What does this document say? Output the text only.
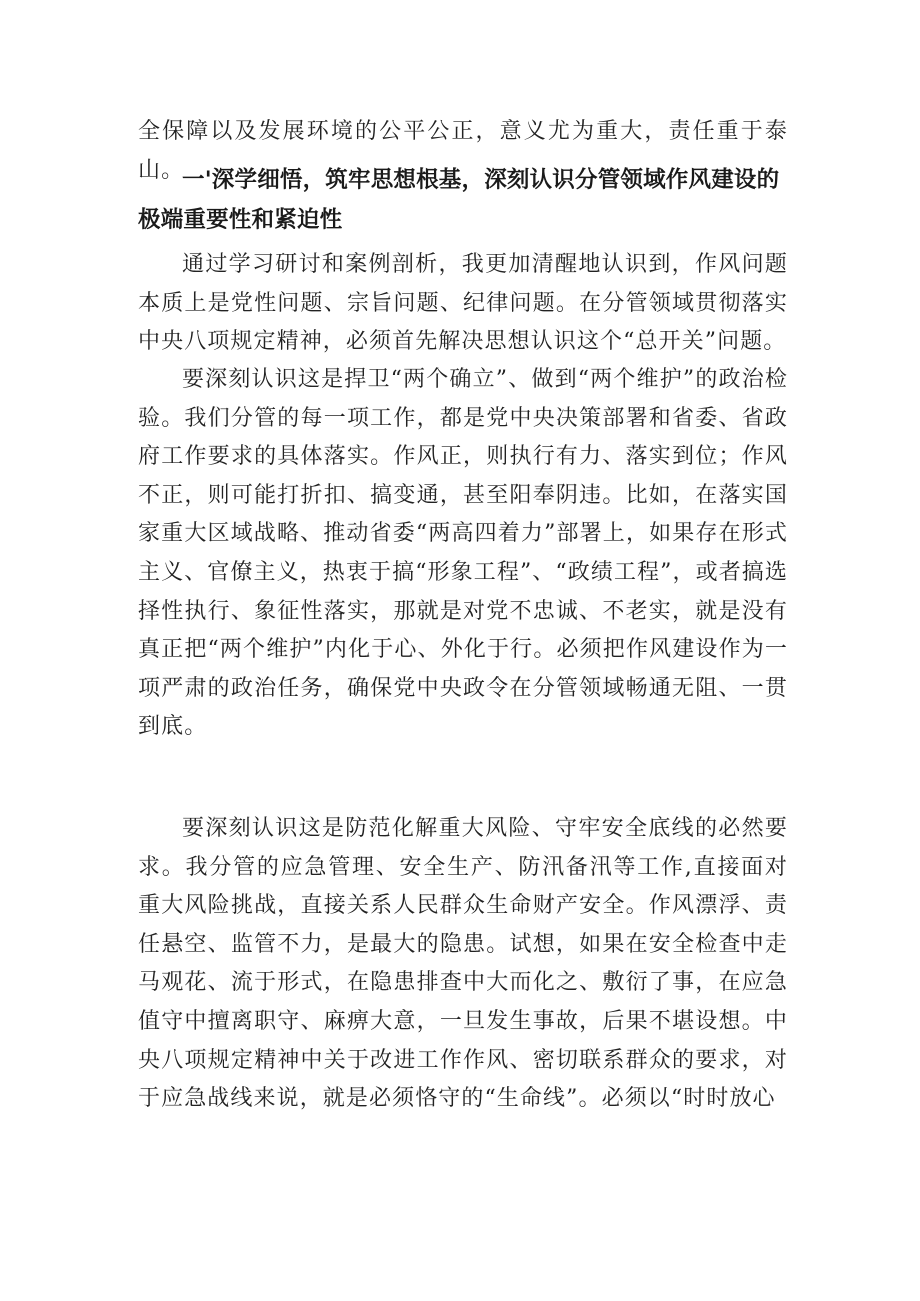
全保障以及发展环境的公平公正，意义尤为重大，责任重于泰山。

一'深学细悟，筑牢思想根基，深刻认识分管领域作风建设的极端重要性和紧迫性

通过学习研讨和案例剖析，我更加清醒地认识到，作风问题本质上是党性问题、宗旨问题、纪律问题。在分管领域贯彻落实中央八项规定精神，必须首先解决思想认识这个“总开关”问题。

要深刻认识这是捍卫“两个确立”、做到“两个维护”的政治检验。我们分管的每一项工作，都是党中央决策部署和省委、省政府工作要求的具体落实。作风正，则执行有力、落实到位；作风不正，则可能打折扣、搞变通，甚至阳奉阴违。比如，在落实国家重大区域战略、推动省委“两高四着力”部署上，如果存在形式主义、官僚主义，热衷于搞“形象工程”、“政绩工程”，或者搞选择性执行、象征性落实，那就是对党不忠诚、不老实，就是没有真正把“两个维护”内化于心、外化于行。必须把作风建设作为一项严肃的政治任务，确保党中央政令在分管领域畅通无阻、一贯到底。

要深刻认识这是防范化解重大风险、守牢安全底线的必然要求。我分管的应急管理、安全生产、防汛备汛等工作,直接面对重大风险挑战，直接关系人民群众生命财产安全。作风漂浮、责任悬空、监管不力，是最大的隐患。试想，如果在安全检查中走马观花、流于形式，在隐患排查中大而化之、敷衍了事，在应急值守中擅离职守、麻痹大意，一旦发生事故，后果不堪设想。中央八项规定精神中关于改进工作作风、密切联系群众的要求，对于应急战线来说，就是必须恪守的“生命线”。必须以“时时放心
